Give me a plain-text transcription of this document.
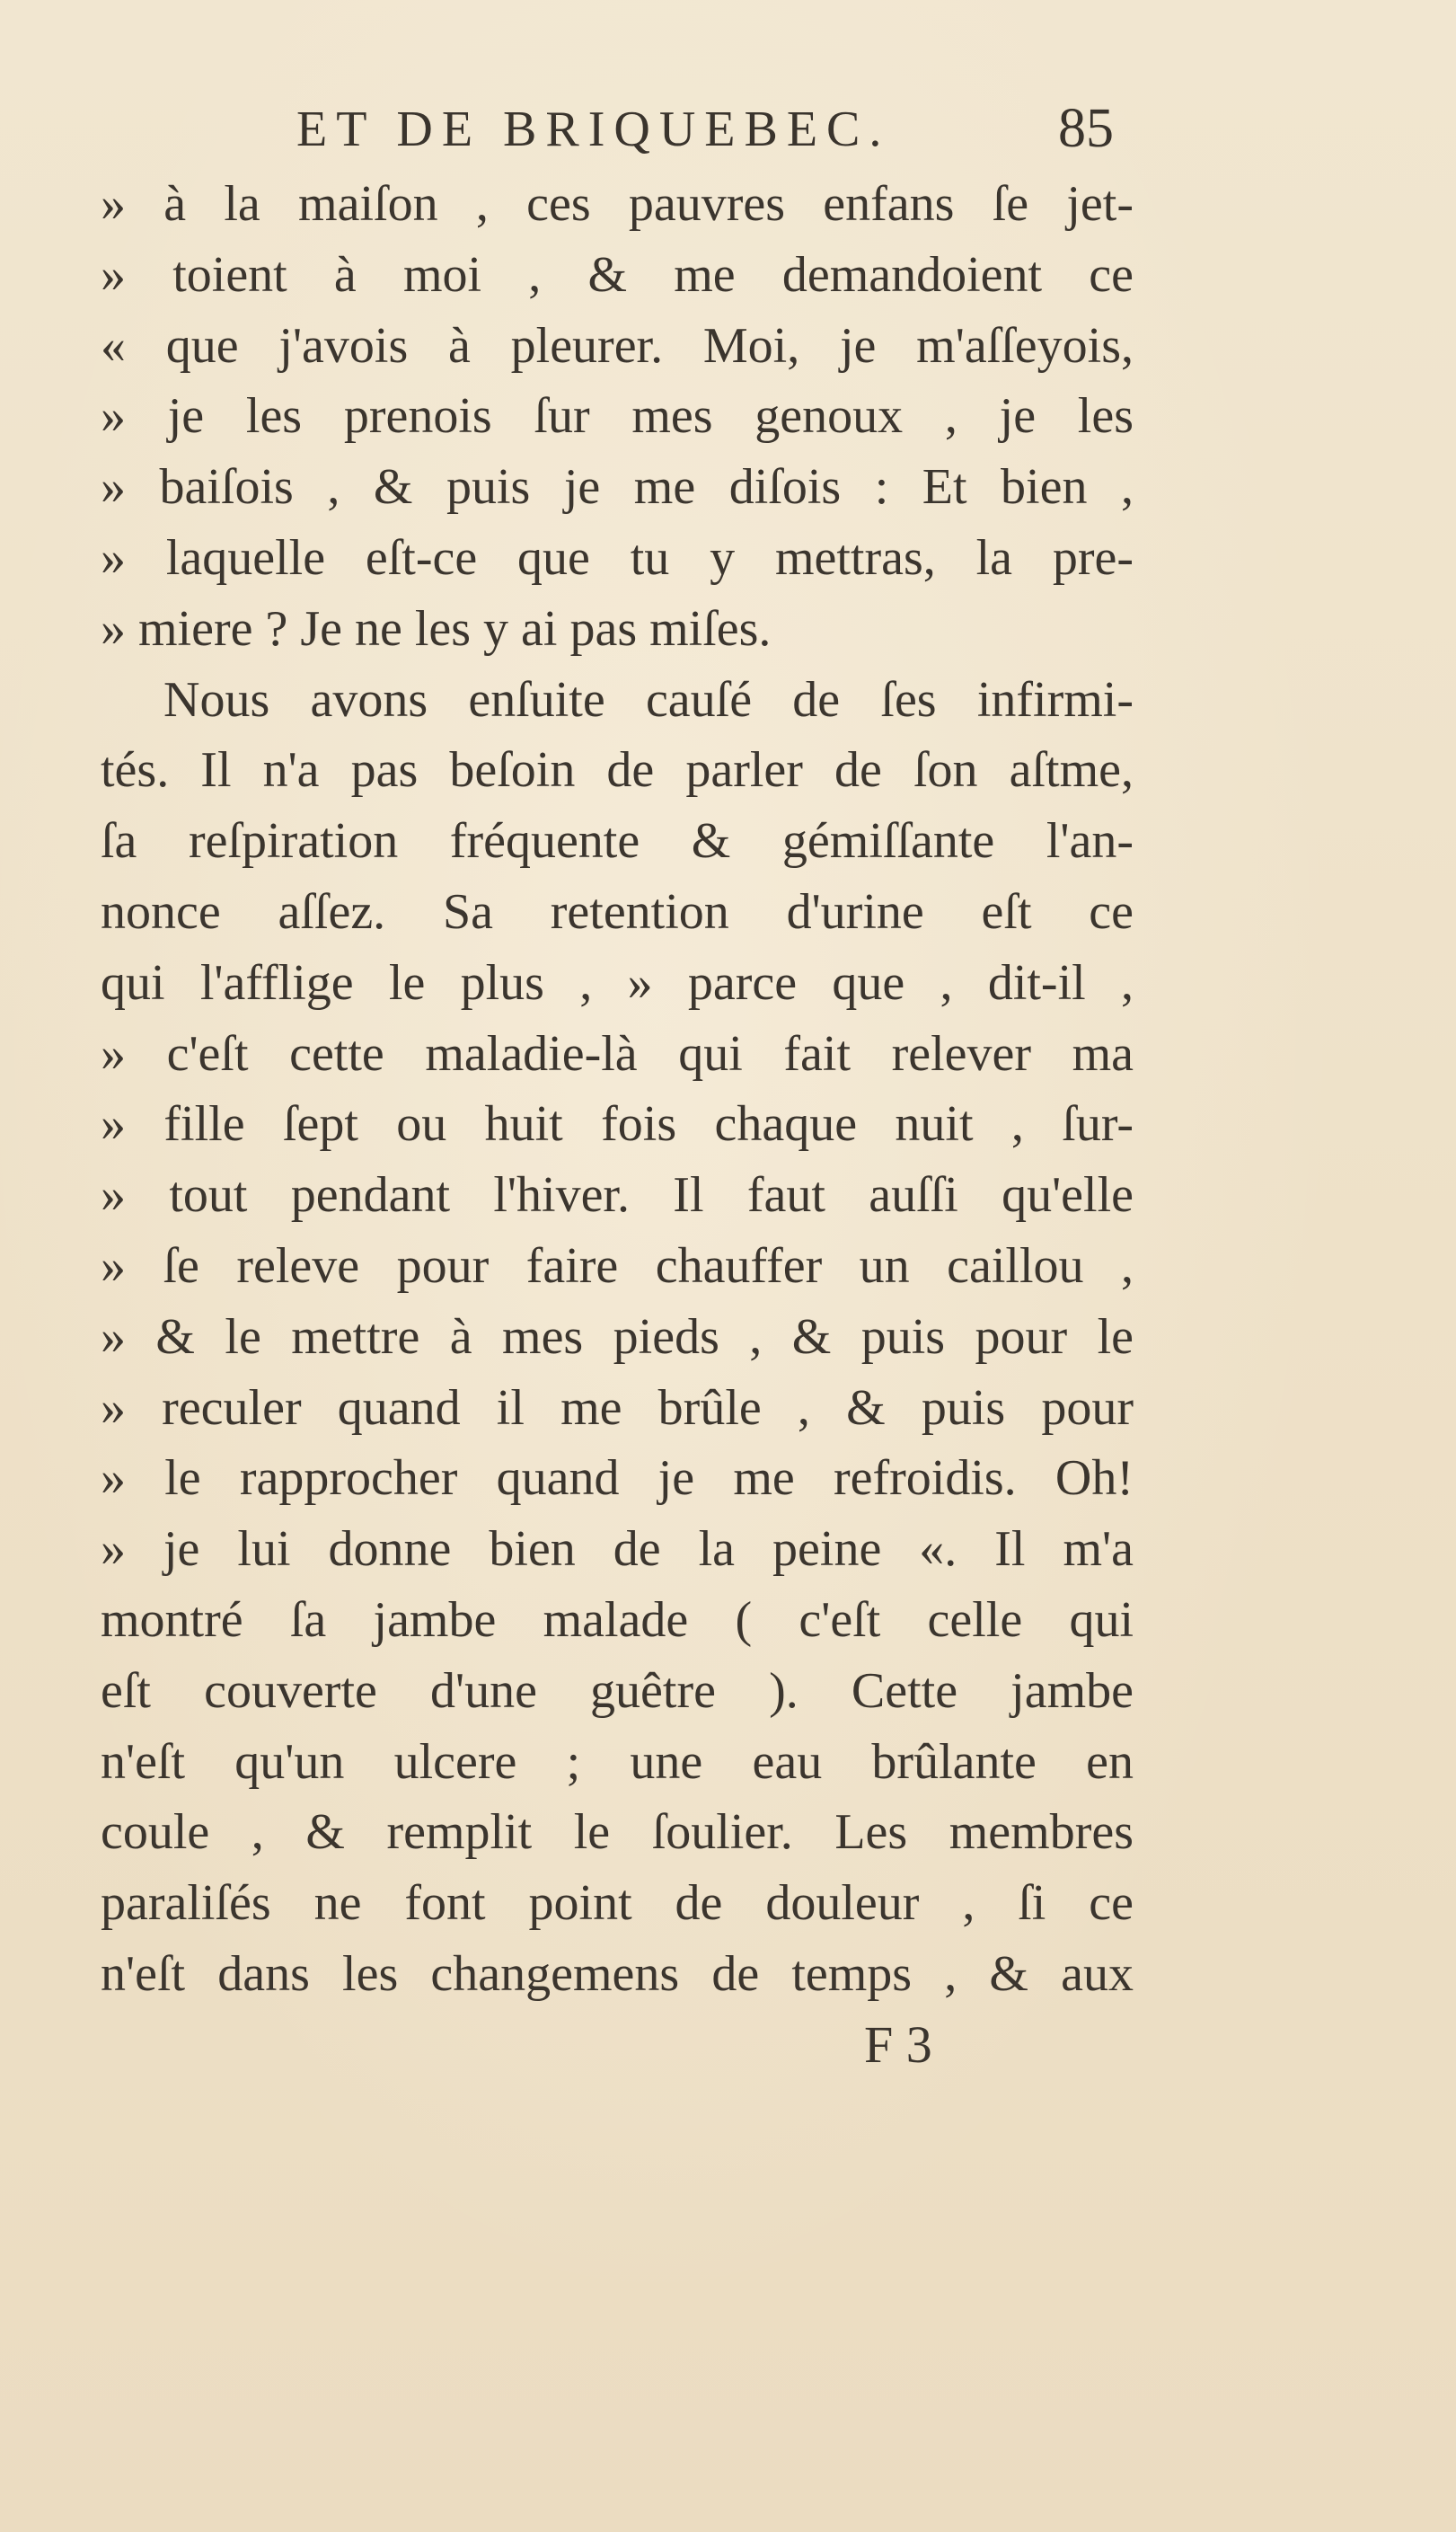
ET DE BRIQUEBEC.	85
» à la maiſon , ces pauvres enfans ſe jet-
» toient à moi , & me demandoient ce
« que j'avois à pleurer. Moi, je m'aſſeyois,
» je les prenois ſur mes genoux , je les
» baiſois , & puis je me diſois : Et bien ,
» laquelle eſt-ce que tu y mettras, la pre-
» miere ? Je ne les y ai pas miſes.
Nous avons enſuite cauſé de ſes infirmi-
tés. Il n'a pas beſoin de parler de ſon aſtme,
ſa reſpiration fréquente & gémiſſante l'an-
nonce aſſez. Sa retention d'urine eſt ce
qui l'afflige le plus , » parce que , dit-il ,
» c'eſt cette maladie-là qui fait relever ma
» fille ſept ou huit fois chaque nuit , ſur-
» tout pendant l'hiver. Il faut auſſi qu'elle
» ſe releve pour faire chauffer un caillou ,
» & le mettre à mes pieds , & puis pour le
» reculer quand il me brûle , & puis pour
» le rapprocher quand je me refroidis. Oh!
» je lui donne bien de la peine «. Il m'a
montré ſa jambe malade ( c'eſt celle qui
eſt couverte d'une guêtre ). Cette jambe
n'eſt qu'un ulcere ; une eau brûlante en
coule , & remplit le ſoulier. Les membres
paraliſés ne font point de douleur , ſi ce
n'eſt dans les changemens de temps , & aux
F 3
